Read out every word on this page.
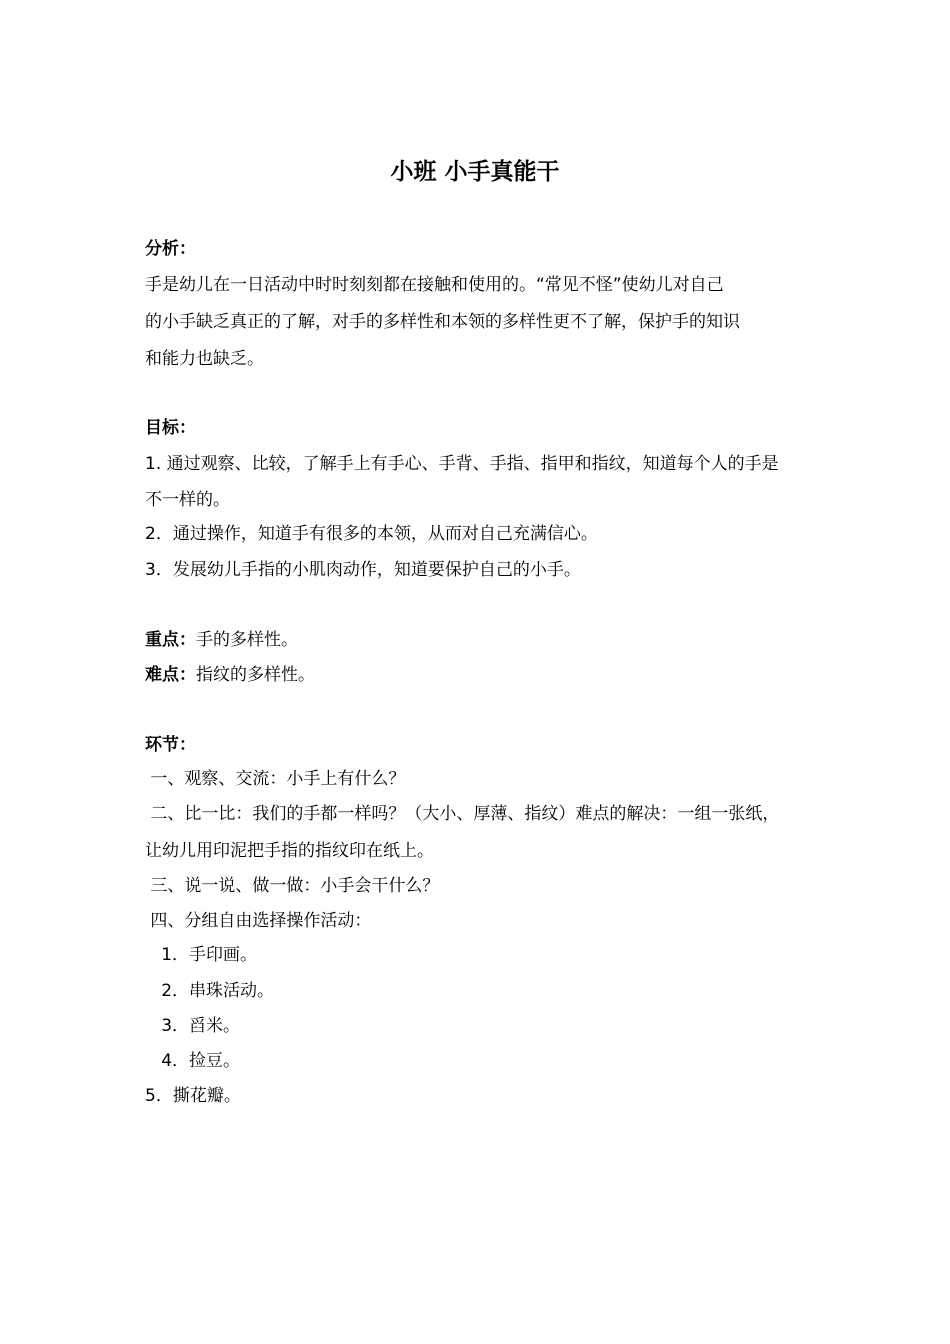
小班 小手真能干
分析：
手是幼儿在一日活动中时时刻刻都在接触和使用的。“常见不怪”使幼儿对自己
的小手缺乏真正的了解，对手的多样性和本领的多样性更不了解，保护手的知识
和能力也缺乏。
目标：
1. 通过观察、比较，了解手上有手心、手背、手指、指甲和指纹，知道每个人的手是
不一样的。
2．通过操作，知道手有很多的本领，从而对自己充满信心。
3．发展幼儿手指的小肌肉动作，知道要保护自己的小手。
重点：手的多样性。
难点：指纹的多样性。
环节：
一、观察、交流：小手上有什么？
二、比一比：我们的手都一样吗？（大小、厚薄、指纹）难点的解决：一组一张纸，
让幼儿用印泥把手指的指纹印在纸上。
三、说一说、做一做：小手会干什么？
四、分组自由选择操作活动：
1．手印画。
2．串珠活动。
3．舀米。
4．捡豆。
5．撕花瓣。
